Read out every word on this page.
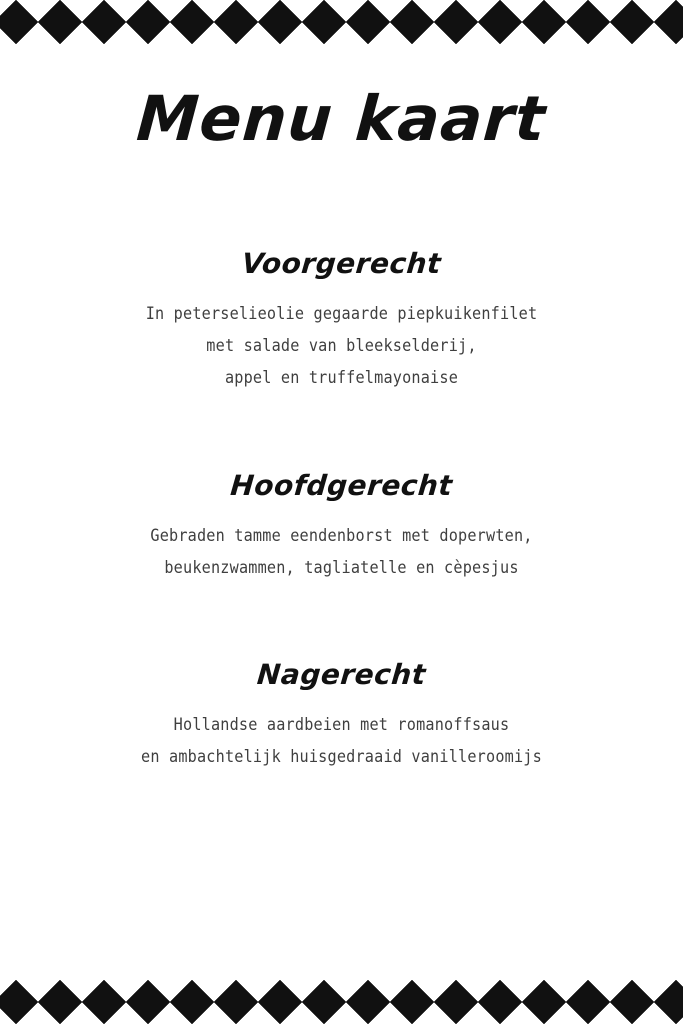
Menu kaart
Voorgerecht
In peterselieolie gegaarde piepkuikenfilet
met salade van bleekselderij,
appel en truffelmayonaise
Hoofdgerecht
Gebraden tamme eendenborst met doperwten,
beukenzwammen, tagliatelle en cèpesjus
Nagerecht
Hollandse aardbeien met romanoffsaus
en ambachtelijk huisgedraaid vanilleroomijs
